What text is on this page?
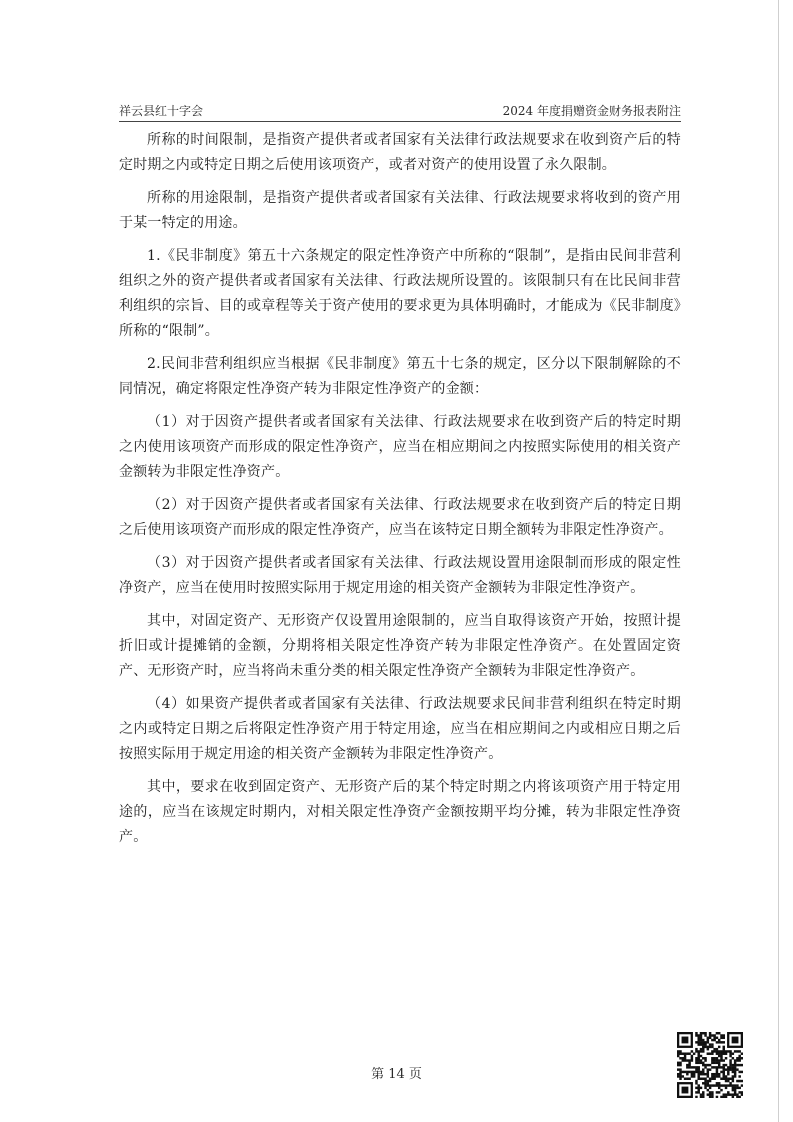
祥云县红十字会	2024 年度捐赠资金财务报表附注

所称的时间限制，是指资产提供者或者国家有关法律行政法规要求在收到资产后的特定时期之内或特定日期之后使用该项资产，或者对资产的使用设置了永久限制。

所称的用途限制，是指资产提供者或者国家有关法律、行政法规要求将收到的资产用于某一特定的用途。

1.《民非制度》第五十六条规定的限定性净资产中所称的“限制”，是指由民间非营利组织之外的资产提供者或者国家有关法律、行政法规所设置的。该限制只有在比民间非营利组织的宗旨、目的或章程等关于资产使用的要求更为具体明确时，才能成为《民非制度》所称的“限制”。

2.民间非营利组织应当根据《民非制度》第五十七条的规定，区分以下限制解除的不同情况，确定将限定性净资产转为非限定性净资产的金额：

（1）对于因资产提供者或者国家有关法律、行政法规要求在收到资产后的特定时期之内使用该项资产而形成的限定性净资产，应当在相应期间之内按照实际使用的相关资产金额转为非限定性净资产。

（2）对于因资产提供者或者国家有关法律、行政法规要求在收到资产后的特定日期之后使用该项资产而形成的限定性净资产，应当在该特定日期全额转为非限定性净资产。

（3）对于因资产提供者或者国家有关法律、行政法规设置用途限制而形成的限定性净资产，应当在使用时按照实际用于规定用途的相关资产金额转为非限定性净资产。

其中，对固定资产、无形资产仅设置用途限制的，应当自取得该资产开始，按照计提折旧或计提摊销的金额，分期将相关限定性净资产转为非限定性净资产。在处置固定资产、无形资产时，应当将尚未重分类的相关限定性净资产全额转为非限定性净资产。

（4）如果资产提供者或者国家有关法律、行政法规要求民间非营利组织在特定时期之内或特定日期之后将限定性净资产用于特定用途，应当在相应期间之内或相应日期之后按照实际用于规定用途的相关资产金额转为非限定性净资产。

其中，要求在收到固定资产、无形资产后的某个特定时期之内将该项资产用于特定用途的，应当在该规定时期内，对相关限定性净资产金额按期平均分摊，转为非限定性净资产。

第 14 页
